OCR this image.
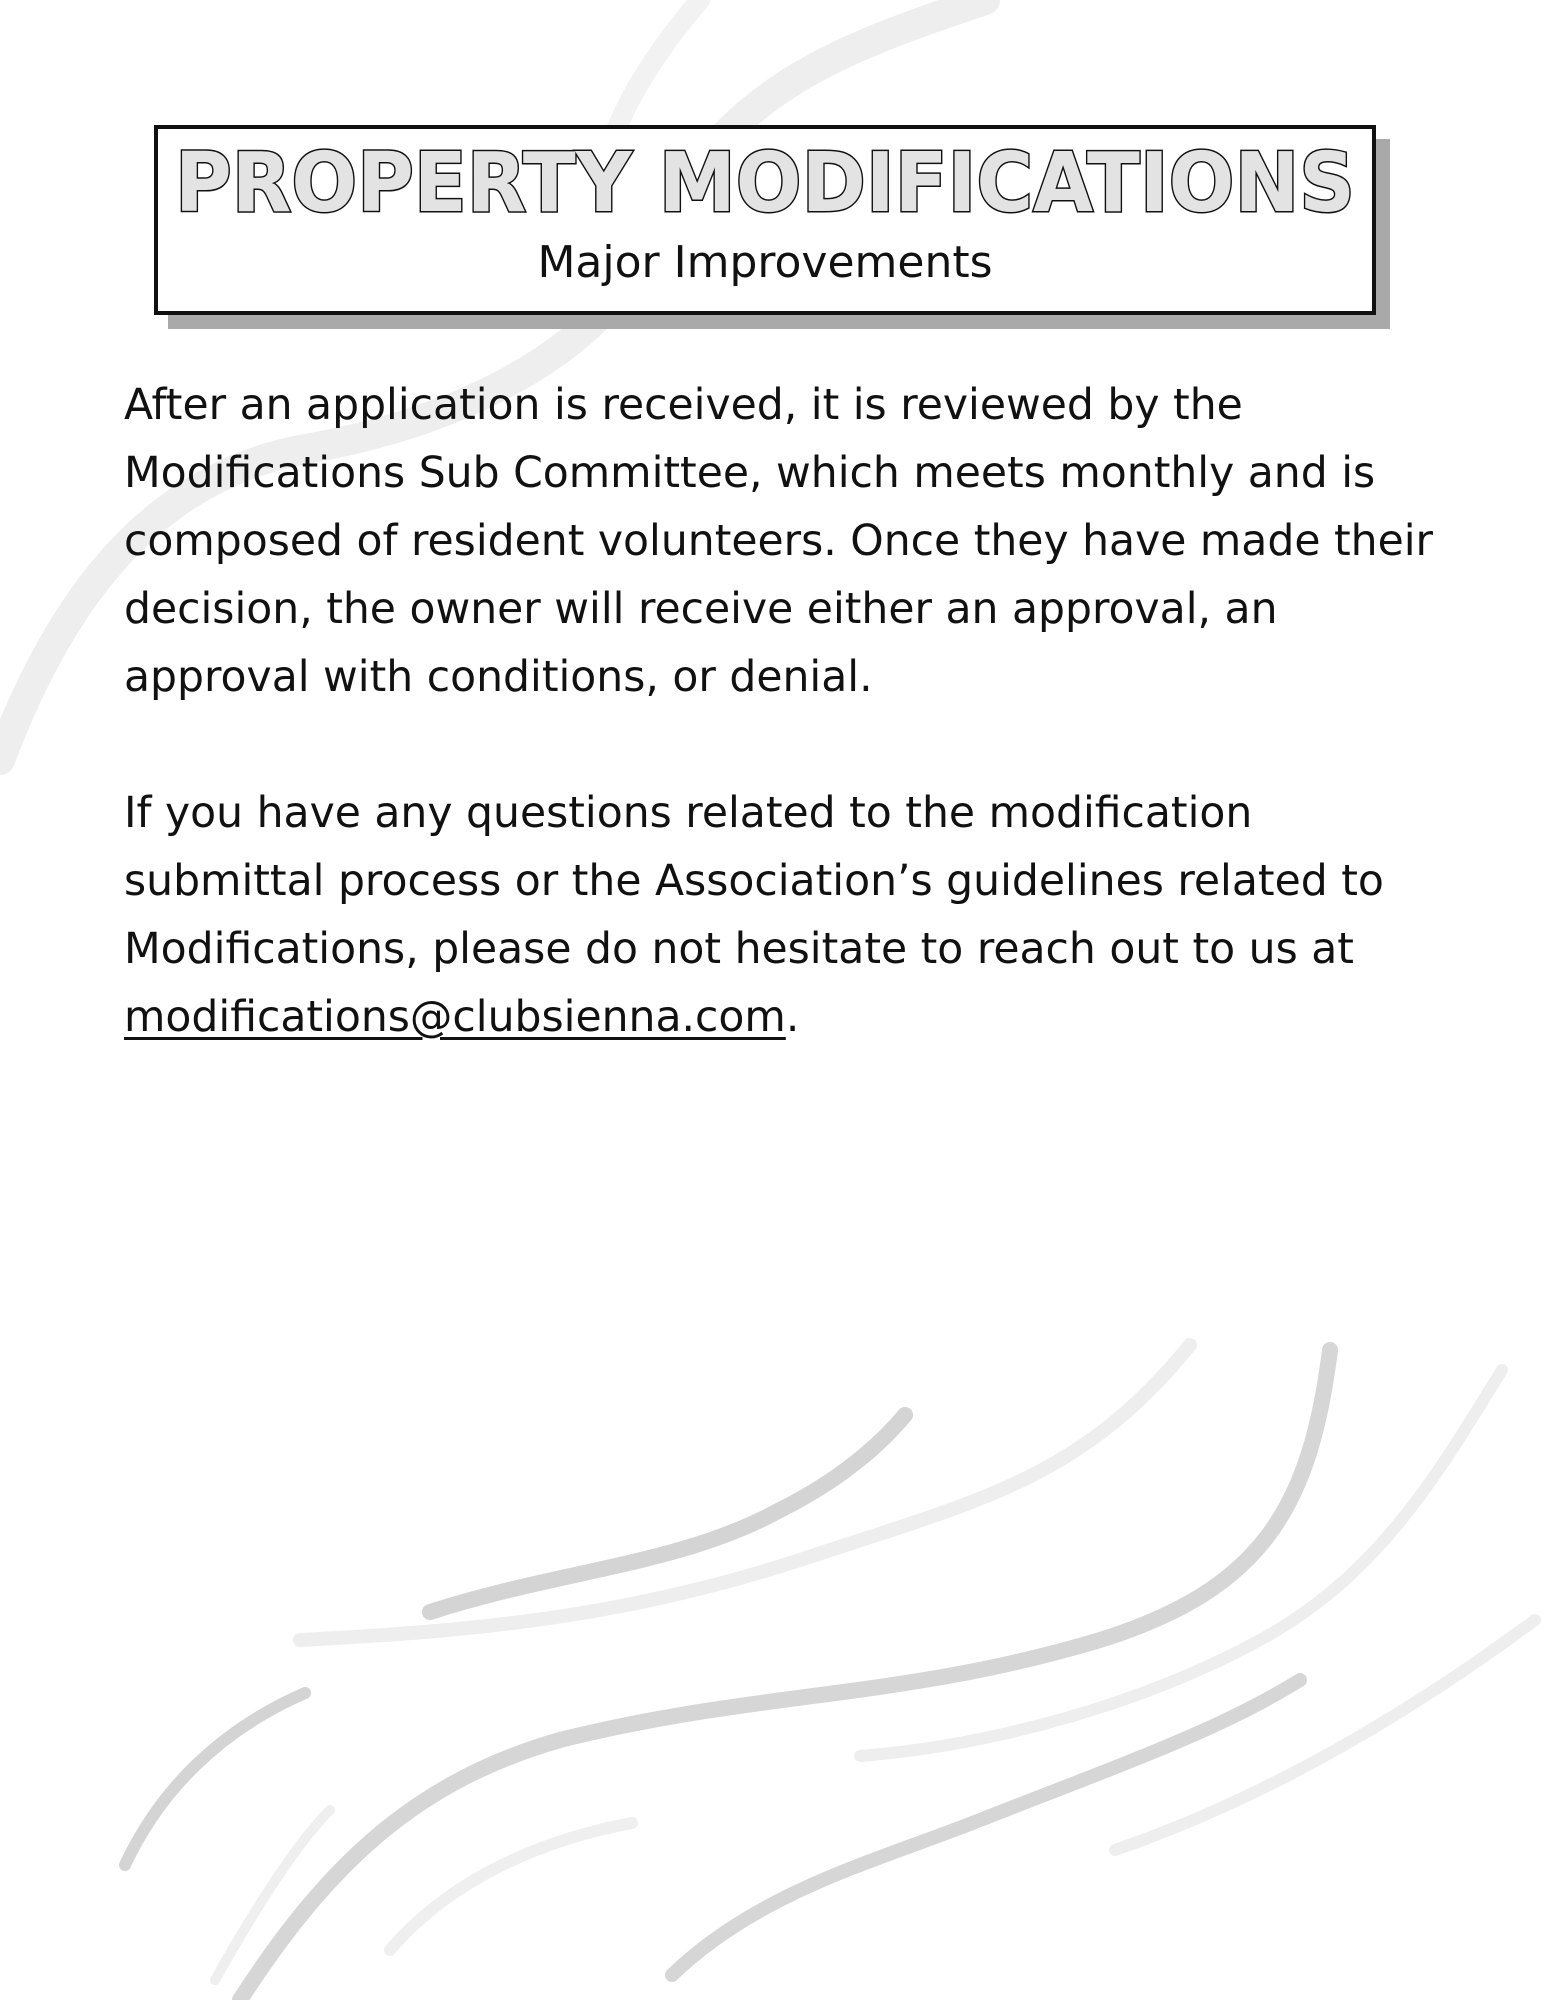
PROPERTY MODIFICATIONS

Major Improvements

After an application is received, it is reviewed by the
Modifications Sub Committee, which meets monthly and is
composed of resident volunteers. Once they have made their
decision, the owner will receive either an approval, an
approval with conditions, or denial.

If you have any questions related to the modification
submittal process or the Association’s guidelines related to
Modifications, please do not hesitate to reach out to us at
modifications@clubsienna.com.
